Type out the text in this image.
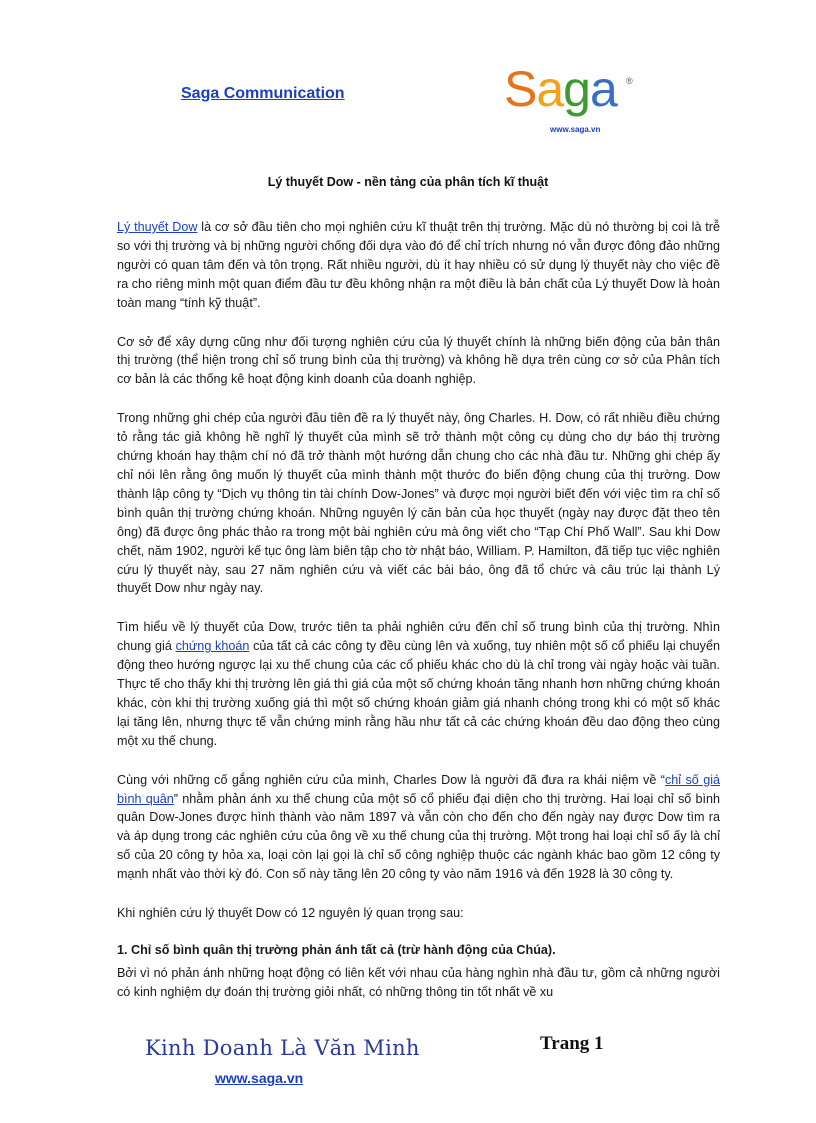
Saga Communication	Saga	®
www.saga.vn
Lý thuyết Dow - nền tảng của phân tích kĩ thuật

Lý thuyết Dow là cơ sở đầu tiên cho mọi nghiên cứu kĩ thuật trên thị trường. Mặc dù nó thường bị coi là trễ so với thị trường và bị những người chống đối dựa vào đó để chỉ trích nhưng nó vẫn được đông đảo những người có quan tâm đến và tôn trọng. Rất nhiều người, dù ít hay nhiều có sử dụng lý thuyết này cho việc đề ra cho riêng mình một quan điểm đầu tư đều không nhận ra một điều là bản chất của Lý thuyết Dow là hoàn toàn mang “tính kỹ thuật”.

Cơ sở để xây dựng cũng như đối tượng nghiên cứu của lý thuyết chính là những biến động của bản thân thị trường (thể hiện trong chỉ số trung bình của thị trường) và không hề dựa trên cùng cơ sở của Phân tích cơ bản là các thống kê hoạt động kinh doanh của doanh nghiệp.

Trong những ghi chép của người đầu tiên đề ra lý thuyết này, ông Charles. H. Dow, có rất nhiều điều chứng tỏ rằng tác giả không hề nghĩ lý thuyết của mình sẽ trở thành một công cụ dùng cho dự báo thị trường chứng khoán hay thậm chí nó đã trở thành một hướng dẫn chung cho các nhà đầu tư. Những ghi chép ấy chỉ nói lên rằng ông muốn lý thuyết của mình thành một thước đo biến động chung của thị trường. Dow thành lập công ty “Dịch vụ thông tin tài chính Dow-Jones” và được mọi người biết đến với việc tìm ra chỉ số bình quân thị trường chứng khoán. Những nguyên lý căn bản của học thuyết (ngày nay được đặt theo tên ông) đã được ông phác thảo ra trong một bài nghiên cứu mà ông viết cho “Tạp Chí Phố Wall”. Sau khi Dow chết, năm 1902, người kế tục ông làm biên tập cho tờ nhật báo, William. P. Hamilton, đã tiếp tục việc nghiên cứu lý thuyết này, sau 27 năm nghiên cứu và viết các bài báo, ông đã tổ chức và câu trúc lại thành Lý thuyết Dow như ngày nay.

Tìm hiểu về lý thuyết của Dow, trước tiên ta phải nghiên cứu đến chỉ số trung bình của thị trường. Nhìn chung giá chứng khoán của tất cả các công ty đều cùng lên và xuống, tuy nhiên một số cổ phiếu lại chuyển động theo hướng ngược lại xu thế chung của các cổ phiếu khác cho dù là chỉ trong vài ngày hoặc vài tuần. Thực tế cho thấy khi thị trường lên giá thì giá của một số chứng khoán tăng nhanh hơn những chứng khoán khác, còn khi thị trường xuống giá thì một số chứng khoán giảm giá nhanh chóng trong khi có một số khác lại tăng lên, nhưng thực tế vẫn chứng minh rằng hầu như tất cả các chứng khoán đều dao động theo cùng một xu thế chung.

Cùng với những cố gắng nghiên cứu của mình, Charles Dow là người đã đưa ra khái niệm về “chỉ số giá bình quân” nhằm phản ánh xu thế chung của một số cổ phiếu đại diện cho thị trường. Hai loại chỉ số bình quân Dow-Jones được hình thành vào năm 1897 và vẫn còn cho đến cho đến ngày nay được Dow tìm ra và áp dụng trong các nghiên cứu của ông về xu thế chung của thị trường. Một trong hai loại chỉ số ấy là chỉ số của 20 công ty hỏa xa, loại còn lại gọi là chỉ số công nghiệp thuộc các ngành khác bao gồm 12 công ty mạnh nhất vào thời kỳ đó. Con số này tăng lên 20 công ty vào năm 1916 và đến 1928 là 30 công ty.

Khi nghiên cứu lý thuyết Dow có 12 nguyên lý quan trọng sau:

1. Chỉ số bình quân thị trường phản ánh tất cả (trừ hành động của Chúa).

Bởi vì nó phản ánh những hoạt động có liên kết với nhau của hàng nghìn nhà đầu tư, gồm cả những người có kinh nghiệm dự đoán thị trường giỏi nhất, có những thông tin tốt nhất về xu

Kinh Doanh Là Văn Minh	Trang 1
www.saga.vn
